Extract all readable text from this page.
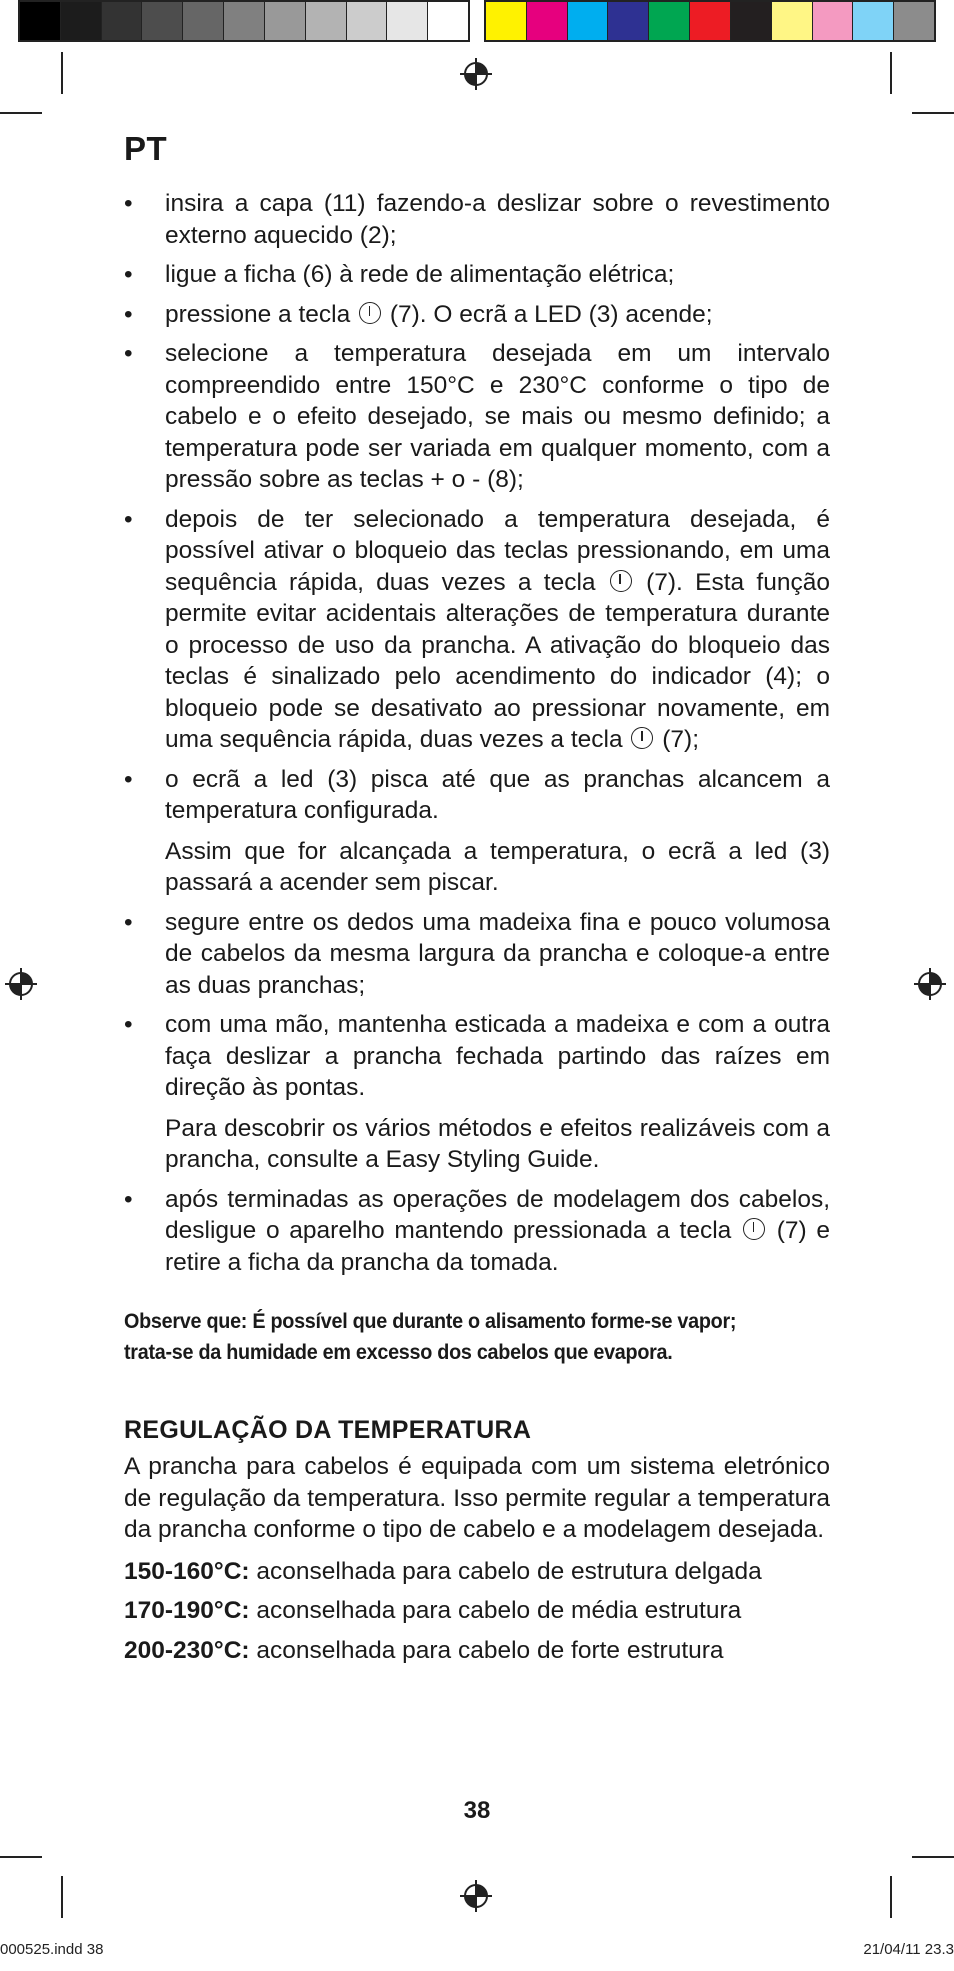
PT
• insira a capa (11) fazendo-a deslizar sobre o revestimento externo aquecido (2);
• ligue a ficha (6) à rede de alimentação elétrica;
• pressione a tecla (7). O ecrã a LED (3) acende;
• selecione a temperatura desejada em um intervalo compreendido entre 150°C e 230°C conforme o tipo de cabelo e o efeito desejado, se mais ou mesmo definido; a temperatura pode ser variada em qualquer momento, com a pressão sobre as teclas + o - (8);
• depois de ter selecionado a temperatura desejada, é possível ativar o bloqueio das teclas pressionando, em uma sequência rápida, duas vezes a tecla (7). Esta função permite evitar acidentais alterações de temperatura durante o processo de uso da prancha. A ativação do bloqueio das teclas é sinalizado pelo acendimento do indicador (4); o bloqueio pode se desativato ao pressionar novamente, em uma sequência rápida, duas vezes a tecla (7);
• o ecrã a led (3) pisca até que as pranchas alcancem a temperatura configurada.
Assim que for alcançada a temperatura, o ecrã a led (3) passará a acender sem piscar.
• segure entre os dedos uma madeixa fina e pouco volumosa de cabelos da mesma largura da prancha e coloque-a entre as duas pranchas;
• com uma mão, mantenha esticada a madeixa e com a outra faça deslizar a prancha fechada partindo das raízes em direção às pontas.
Para descobrir os vários métodos e efeitos realizáveis com a prancha, consulte a Easy Styling Guide.
• após terminadas as operações de modelagem dos cabelos, desligue o aparelho mantendo pressionada a tecla (7) e retire a ficha da prancha da tomada.
Observe que: É possível que durante o alisamento forme-se vapor;
trata-se da humidade em excesso dos cabelos que evapora.
REGULAÇÃO DA TEMPERATURA

A prancha para cabelos é equipada com um sistema eletrónico de regulação da temperatura. Isso permite regular a temperatura da prancha conforme o tipo de cabelo e a modelagem desejada.

150-160°C: aconselhada para cabelo de estrutura delgada
170-190°C: aconselhada para cabelo de média estrutura
200-230°C: aconselhada para cabelo de forte estrutura
38
000525.indd 38	21/04/11 23.3
